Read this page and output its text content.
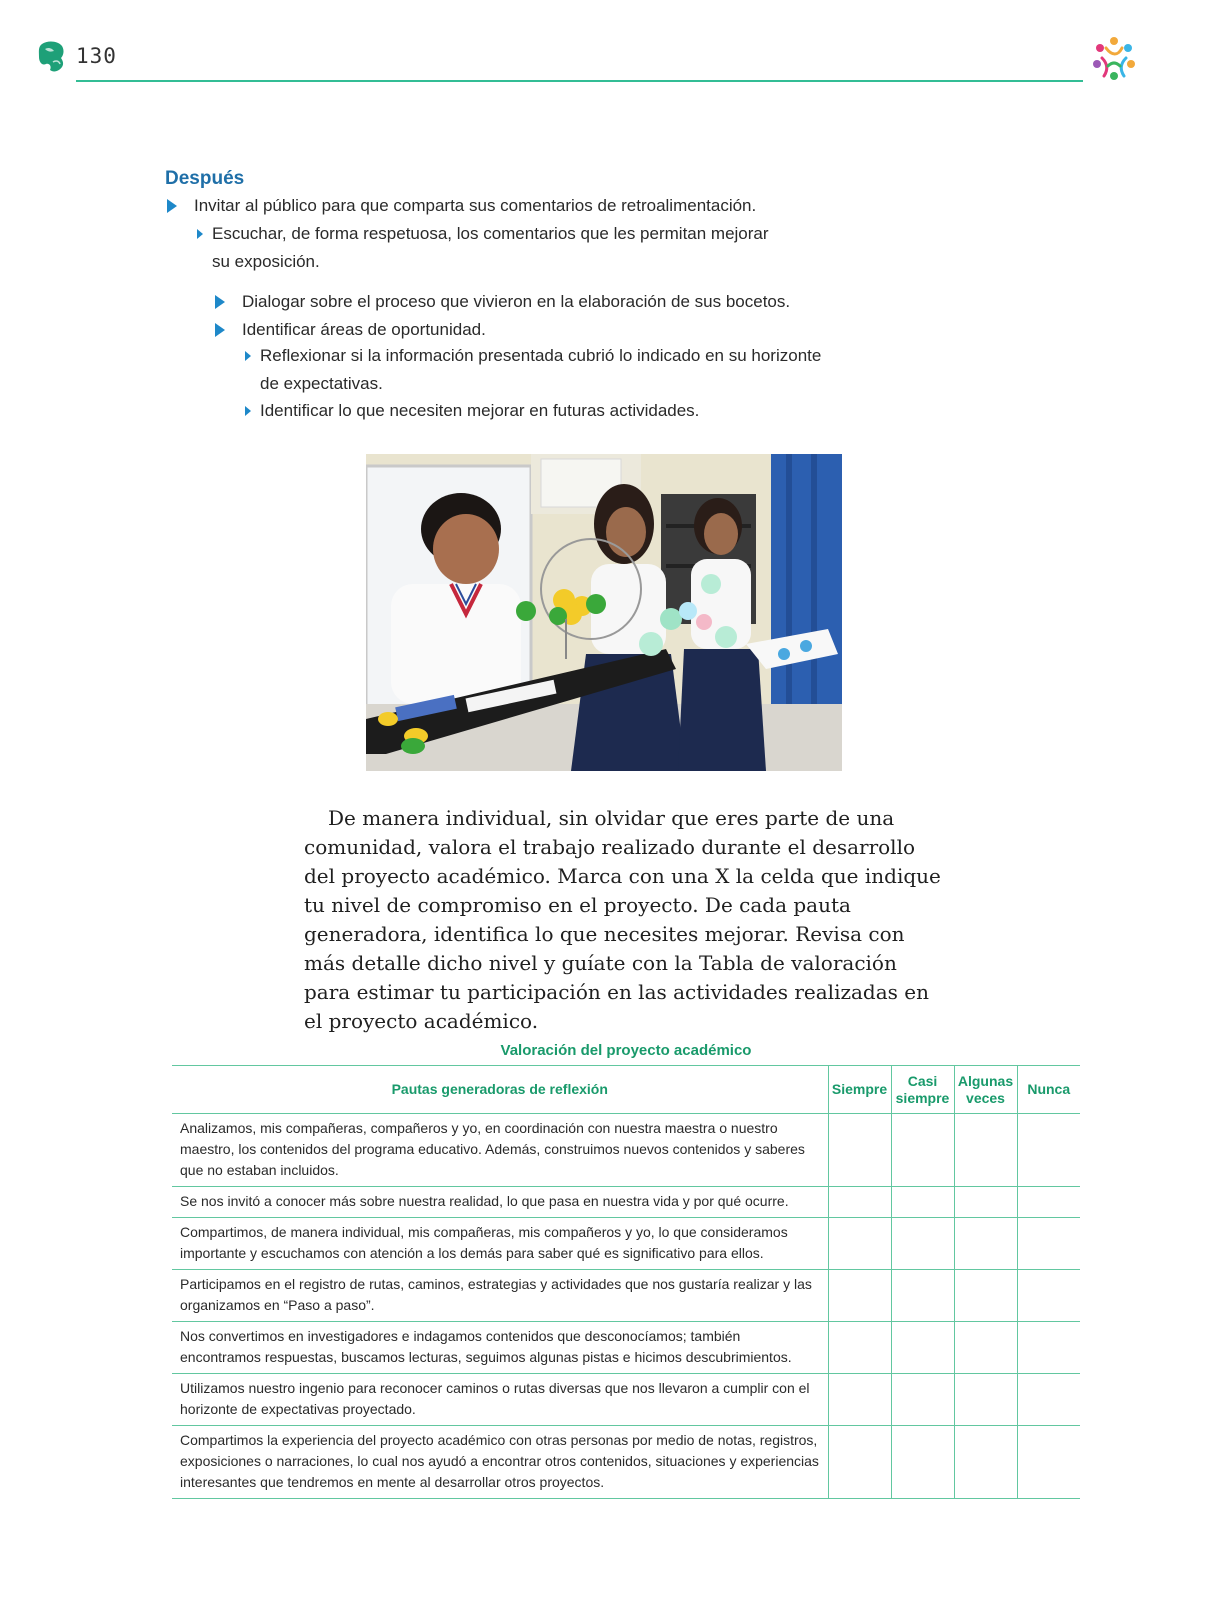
130
Después
Invitar al público para que comparta sus comentarios de retroalimentación.
Escuchar, de forma respetuosa, los comentarios que les permitan mejorar
su exposición.
Dialogar sobre el proceso que vivieron en la elaboración de sus bocetos.
Identificar áreas de oportunidad.
Reflexionar si la información presentada cubrió lo indicado en su horizonte
de expectativas.
Identificar lo que necesiten mejorar en futuras actividades.
De manera individual, sin olvidar que eres parte de una comunidad, valora el trabajo realizado durante el desarrollo del proyecto académico. Marca con una X la celda que indique tu nivel de compromiso en el proyecto. De cada pauta generadora, identifica lo que necesites mejorar. Revisa con más detalle dicho nivel y guíate con la Tabla de valoración para estimar tu participación en las actividades realizadas en el proyecto académico.
Valoración del proyecto académico
Pautas generadoras de reflexión	Siempre	Casi siempre	Algunas veces	Nunca
Analizamos, mis compañeras, compañeros y yo, en coordinación con nuestra maestra o nuestro maestro, los contenidos del programa educativo. Además, construimos nuevos contenidos y saberes que no estaban incluidos.				
Se nos invitó a conocer más sobre nuestra realidad, lo que pasa en nuestra vida y por qué ocurre.				
Compartimos, de manera individual, mis compañeras, mis compañeros y yo, lo que consideramos importante y escuchamos con atención a los demás para saber qué es significativo para ellos.				
Participamos en el registro de rutas, caminos, estrategias y actividades que nos gustaría realizar y las organizamos en “Paso a paso”.				
Nos convertimos en investigadores e indagamos contenidos que desconocíamos; también encontramos respuestas, buscamos lecturas, seguimos algunas pistas e hicimos descubrimientos.				
Utilizamos nuestro ingenio para reconocer caminos o rutas diversas que nos llevaron a cumplir con el horizonte de expectativas proyectado.				
Compartimos la experiencia del proyecto académico con otras personas por medio de notas, registros, exposiciones o narraciones, lo cual nos ayudó a encontrar otros contenidos, situaciones y experiencias interesantes que tendremos en mente al desarrollar otros proyectos.				
